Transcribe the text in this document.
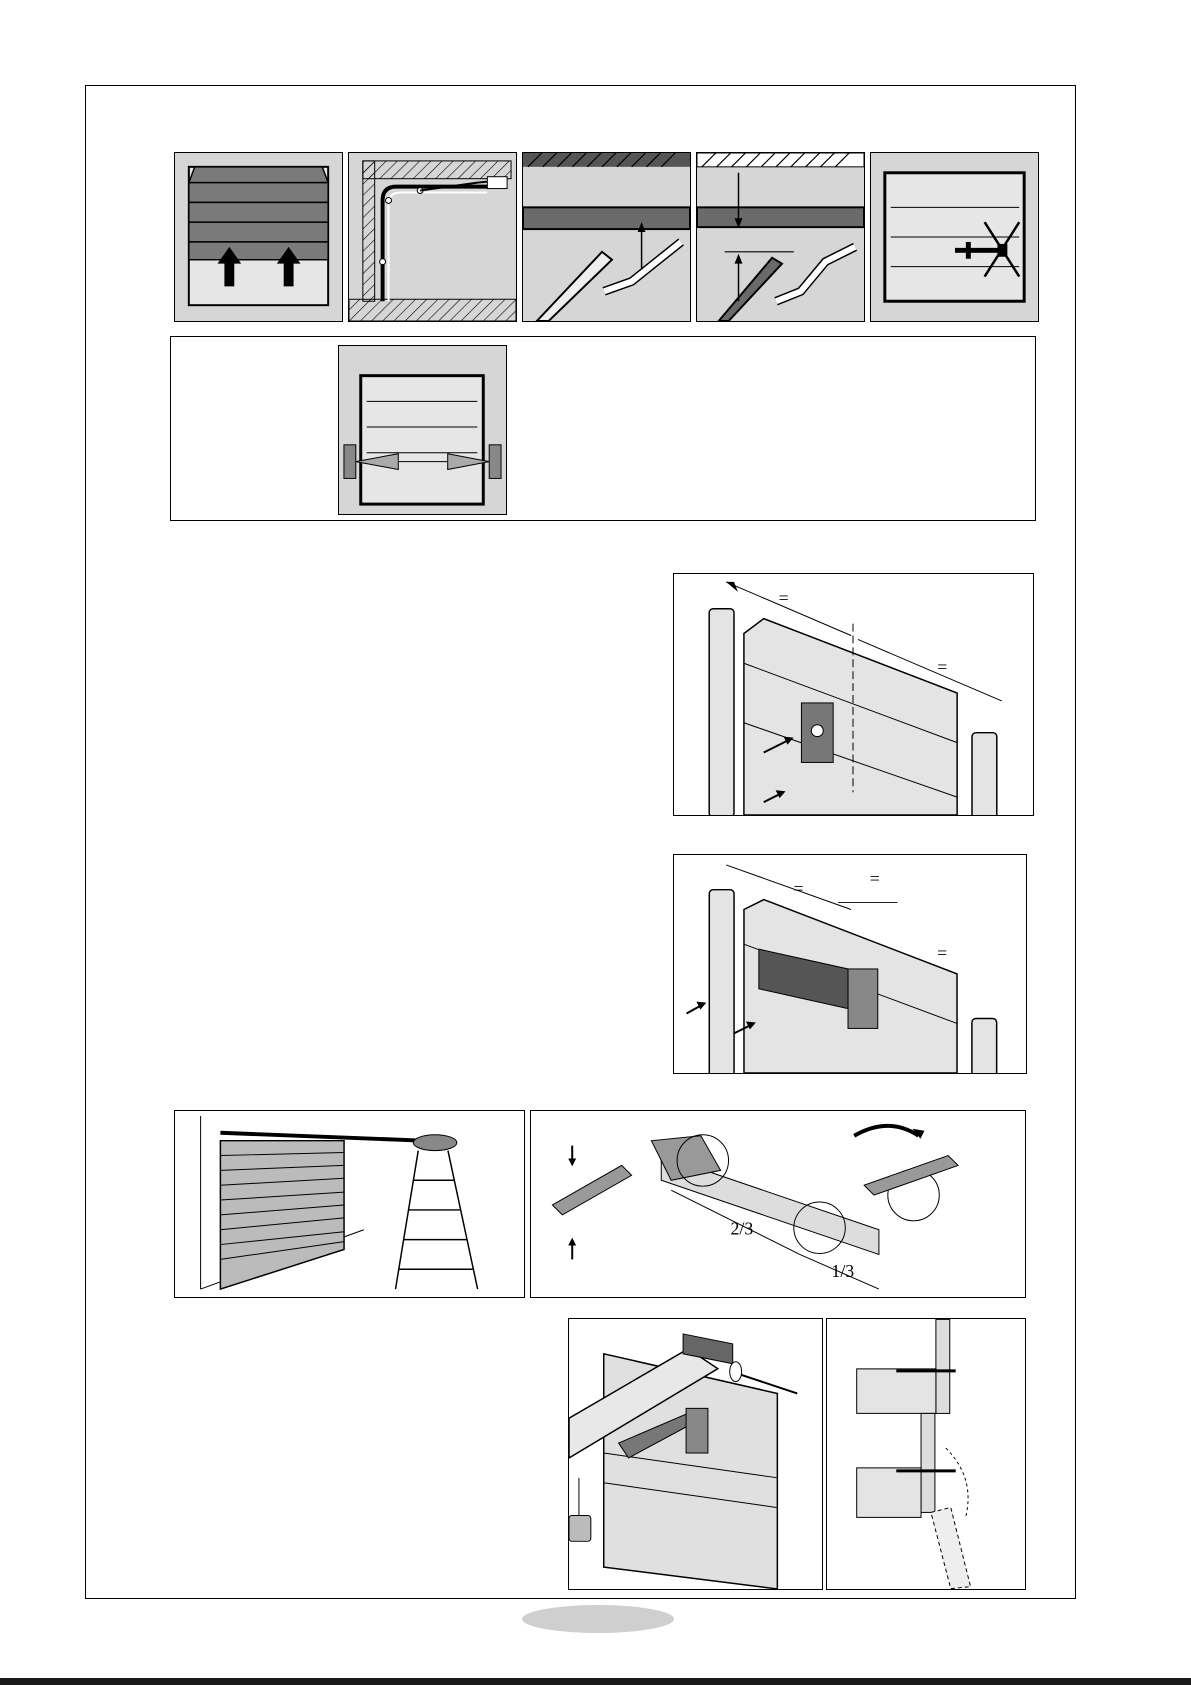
=
=
=	=
=
2/3
1/3
